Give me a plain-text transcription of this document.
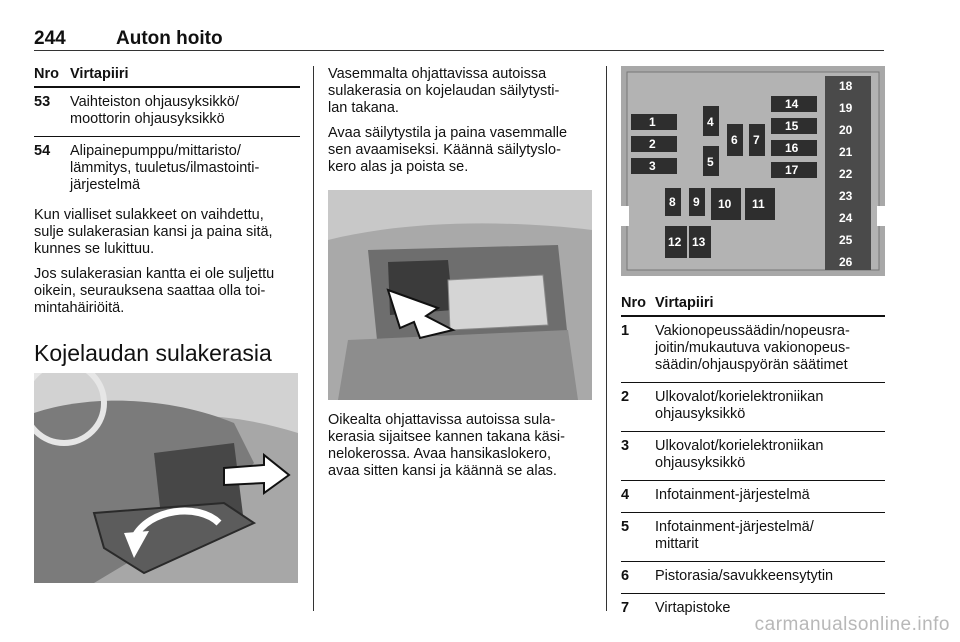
244	Auton hoito
Nro Virtapiiri
53 Vaihteiston ohjausyksikkö/
moottorin ohjausyksikkö
54 Alipainepumppu/mittaristo/
lämmitys, tuuletus/ilmastointi-
järjestelmä

Kun vialliset sulakkeet on vaihdettu,
sulje sulakerasian kansi ja paina sitä,
kunnes se lukittuu.

Jos sulakerasian kantta ei ole suljettu
oikein, seurauksena saattaa olla toi-
mintahäiriöitä.

Kojelaudan sulakerasia

Vasemmalta ohjattavissa autoissa
sulakerasia on kojelaudan säilytysti-
lan takana.

Avaa säilytystila ja paina vasemmalle
sen avaamiseksi. Käännä säilytyslo-
kero alas ja poista se.

Oikealta ohjattavissa autoissa sula-
kerasia sijaitsee kannen takana käsi-
nelokerossa. Avaa hansikaslokero,
avaa sitten kansi ja käännä se alas.

1
2
3
4
5
6 7
8 9 10 11
12 13
14
15
16
17
18
19
20
21
22
23
24
25
26
Nro Virtapiiri
1 Vakionopeussäädin/nopeusra-
joitin/mukautuva vakionopeus-
säädin/ohjauspyörän säätimet
2 Ulkovalot/korielektroniikan
ohjausyksikkö
3 Ulkovalot/korielektroniikan
ohjausyksikkö
4 Infotainment-järjestelmä
5 Infotainment-järjestelmä/
mittarit
6 Pistorasia/savukkeensytytin
7 Virtapistoke
carmanualsonline.info
